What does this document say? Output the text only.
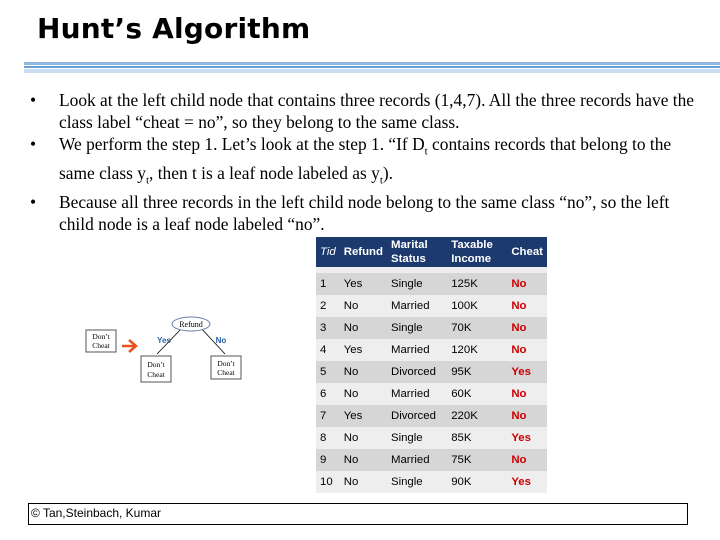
Hunt’s Algorithm
• Look at the left child node that contains three records (1,4,7). All the three records have the class label “cheat = no”, so they belong to the same class.
• We perform the step 1. Let’s look at the step 1. “If $D_t$ contains records that belong to the same class $y_t$, then t is a leaf node labeled as $y_t$).
• Because all three records in the left child node belong to the same class “no”, so the left child node is a leaf node labeled “no”.
Don’t
Cheat
Refund
Yes	No
Don’t
Cheat
Don’t
Cheat
Tid	Refund	Marital Status	Taxable Income	Cheat

1	Yes	Single	125K	No
2	No	Married	100K	No
3	No	Single	70K	No
4	Yes	Married	120K	No
5	No	Divorced	95K	Yes
6	No	Married	60K	No
7	Yes	Divorced	220K	No
8	No	Single	85K	Yes
9	No	Married	75K	No
10	No	Single	90K	Yes
© Tan,Steinbach, Kumar
